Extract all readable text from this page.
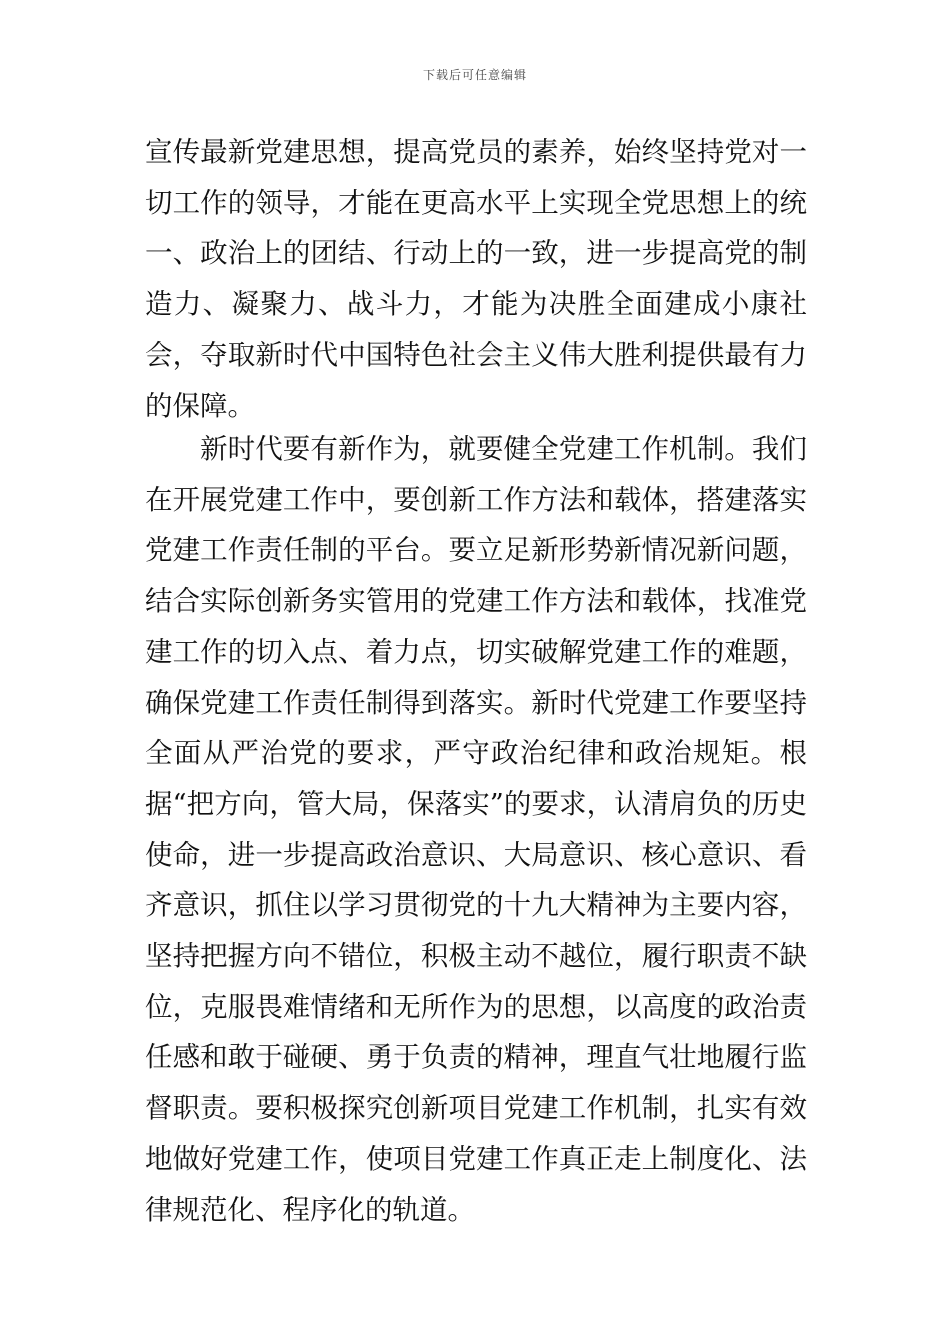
下载后可任意编辑

宣传最新党建思想，提高党员的素养，始终坚持党对一切工作的领导，才能在更高水平上实现全党思想上的统一、政治上的团结、行动上的一致，进一步提高党的制造力、凝聚力、战斗力，才能为决胜全面建成小康社会，夺取新时代中国特色社会主义伟大胜利提供最有力的保障。

新时代要有新作为，就要健全党建工作机制。我们在开展党建工作中，要创新工作方法和载体，搭建落实党建工作责任制的平台。要立足新形势新情况新问题，结合实际创新务实管用的党建工作方法和载体，找准党建工作的切入点、着力点，切实破解党建工作的难题，确保党建工作责任制得到落实。新时代党建工作要坚持全面从严治党的要求，严守政治纪律和政治规矩。根据“把方向，管大局，保落实”的要求，认清肩负的历史使命，进一步提高政治意识、大局意识、核心意识、看齐意识，抓住以学习贯彻党的十九大精神为主要内容，坚持把握方向不错位，积极主动不越位，履行职责不缺位，克服畏难情绪和无所作为的思想，以高度的政治责任感和敢于碰硬、勇于负责的精神，理直气壮地履行监督职责。要积极探究创新项目党建工作机制，扎实有效地做好党建工作，使项目党建工作真正走上制度化、法律规范化、程序化的轨道。
